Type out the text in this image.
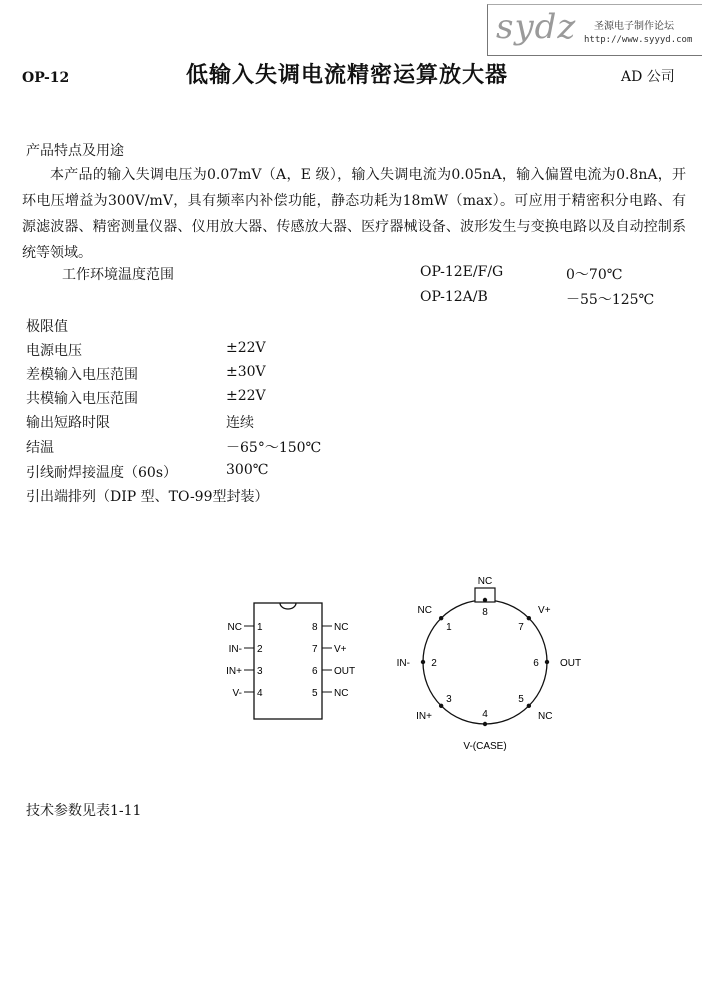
sydz 圣源电子制作论坛
http://www.syyyd.com
OP-12	低输入失调电流精密运算放大器	AD 公司
产品特点及用途
本产品的输入失调电压为0.07mV（A，E 级），输入失调电流为0.05nA，输入偏置电流为0.8nA，开环电压增益为300V/mV，具有频率内补偿功能，静态功耗为18mW（max）。可应用于精密积分电路、有源滤波器、精密测量仪器、仪用放大器、传感放大器、医疗器械设备、波形发生与变换电路以及自动控制系统等领域。
工作环境温度范围	OP-12E/F/G	0～70℃
OP-12A/B	－55～125℃
极限值
电源电压	±22V
差模输入电压范围	±30V
共模输入电压范围	±22V
输出短路时限	连续
结温	－65°～150℃
引线耐焊接温度（60s）	300℃
引出端排列（DIP 型、TO-99型封装）
NC
IN-
IN+
V-
1
2
3
4
8
7
6
5
NC
V+
OUT
NC
8
NC
7
V+
6 OUT
5
NC
4
V-(CASE)
3
IN+
2
IN-
1
NC
技术参数见表1-11
